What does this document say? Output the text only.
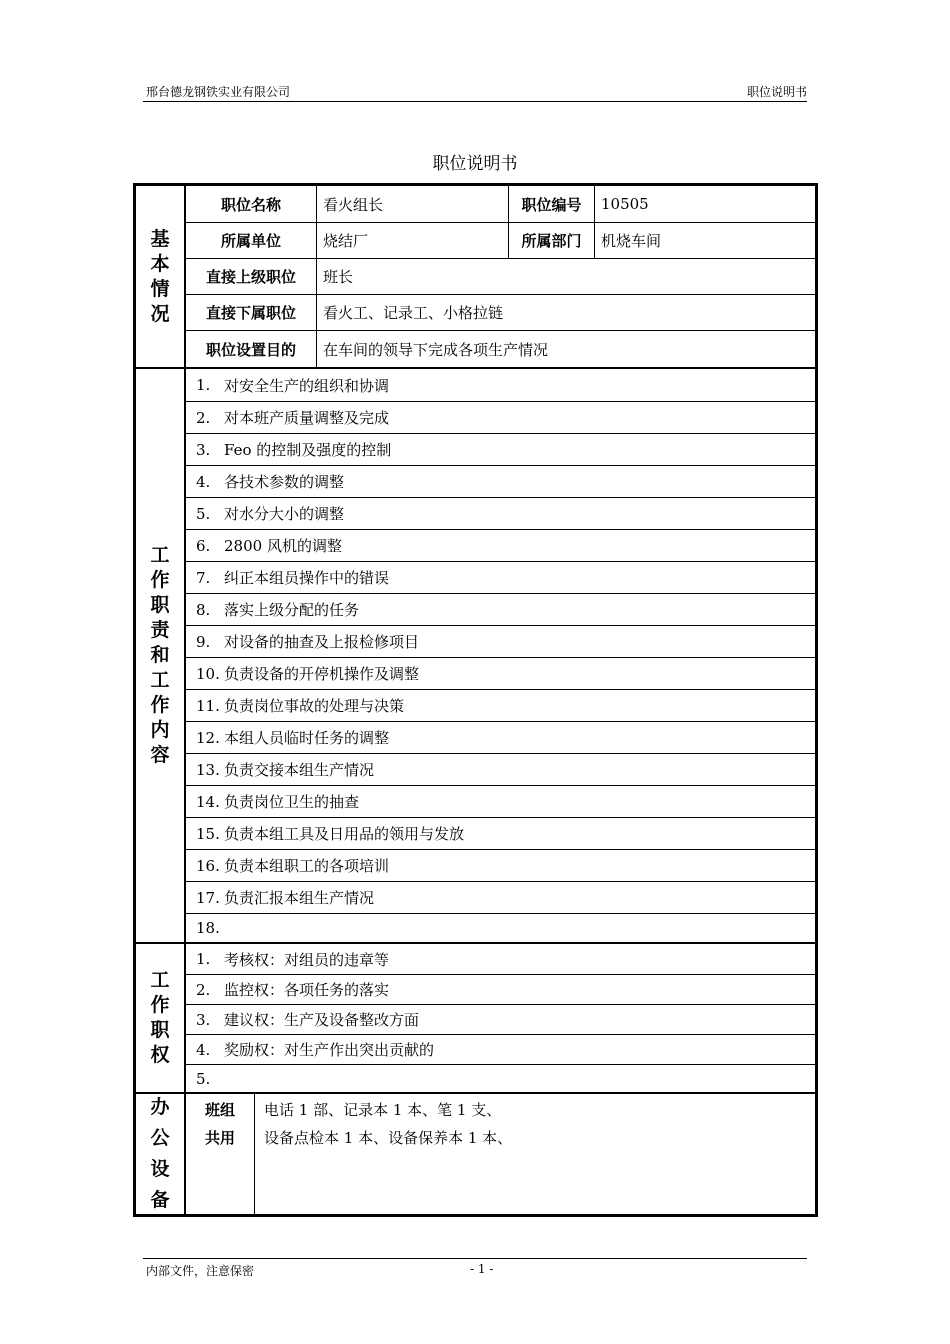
邢台德龙钢铁实业有限公司	职位说明书
职位说明书
基
本
情
况
职位名称	看火组长	职位编号	10505
所属单位	烧结厂	所属部门	机烧车间
直接上级职位	班长
直接下属职位	看火工、记录工、小格拉链
职位设置目的	在车间的领导下完成各项生产情况
工
作
职
责
和
工
作
内
容
1. 对安全生产的组织和协调
2. 对本班产质量调整及完成
3. Feo 的控制及强度的控制
4. 各技术参数的调整
5. 对水分大小的调整
6. 2800 风机的调整
7. 纠正本组员操作中的错误
8. 落实上级分配的任务
9. 对设备的抽查及上报检修项目
10. 负责设备的开停机操作及调整
11. 负责岗位事故的处理与决策
12. 本组人员临时任务的调整
13. 负责交接本组生产情况
14. 负责岗位卫生的抽查
15. 负责本组工具及日用品的领用与发放
16. 负责本组职工的各项培训
17. 负责汇报本组生产情况
18.
工
作
职
权
1. 考核权：对组员的违章等
2. 监控权：各项任务的落实
3. 建议权：生产及设备整改方面
4. 奖励权：对生产作出突出贡献的
5.
办
公
设
备
班组
共用
电话 1 部、记录本 1 本、笔 1 支、
设备点检本 1 本、设备保养本 1 本、
内部文件，注意保密	- 1 -
